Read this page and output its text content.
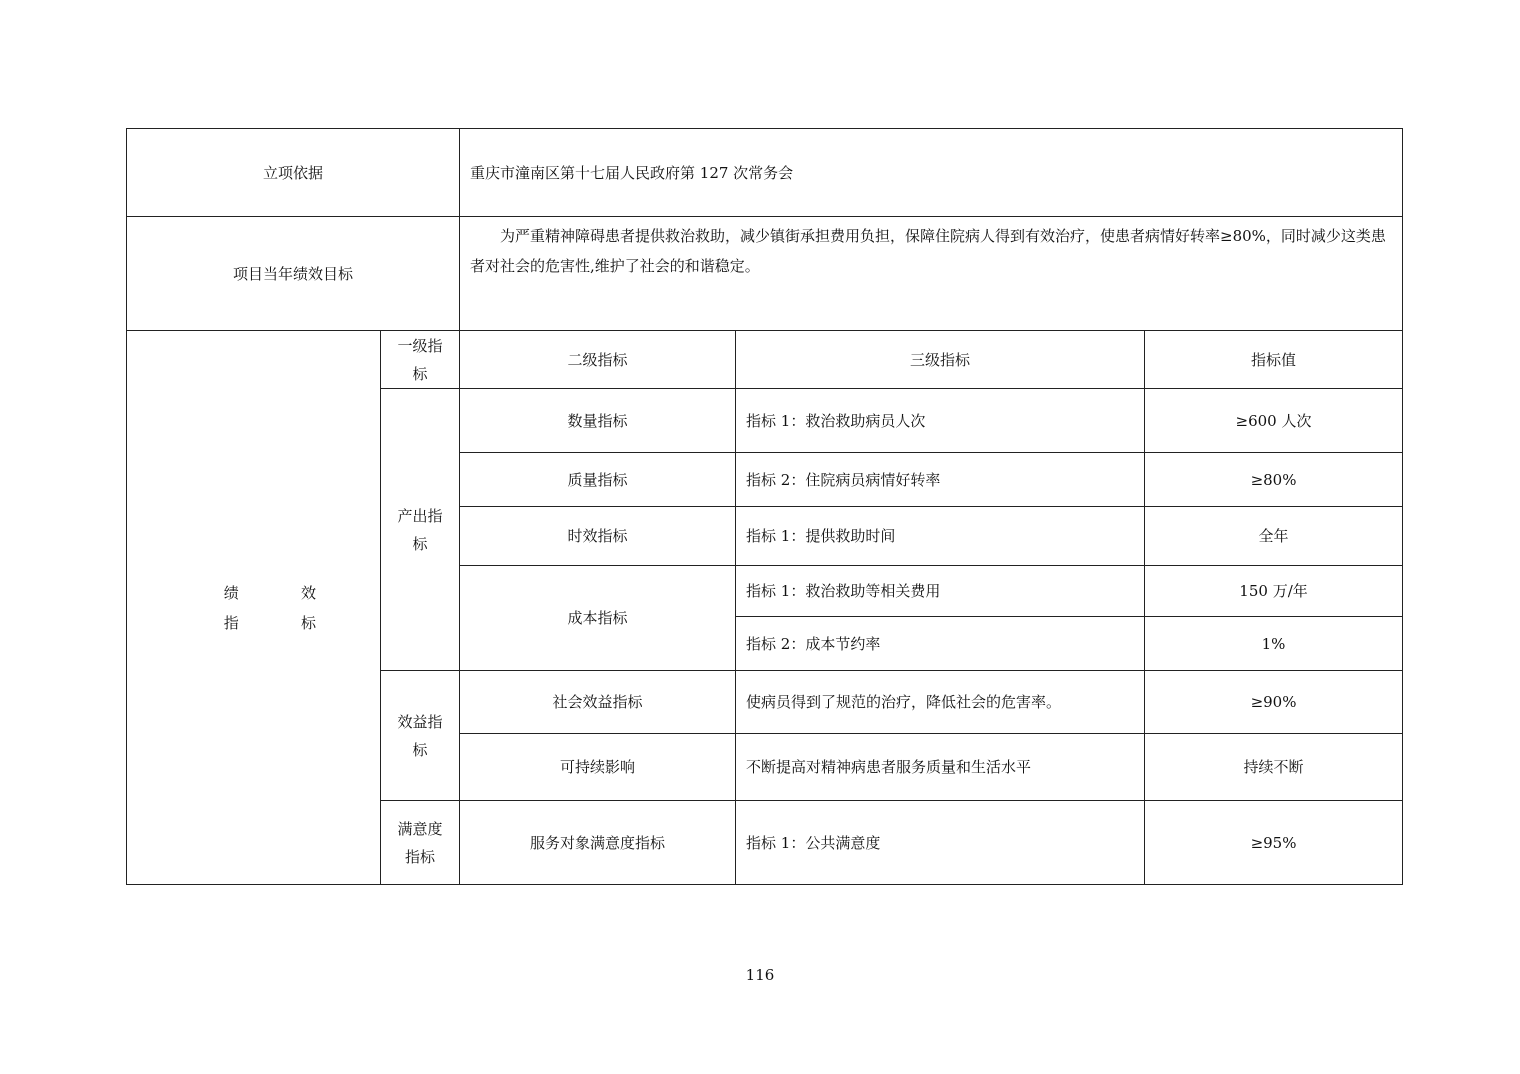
立项依据		重庆市潼南区第十七届人民政府第 127 次常务会		
项目当年绩效目标		为严重精神障碍患者提供救治救助，减少镇街承担费用负担，保障住院病人得到有效治疗，使患者病情好转率≥80%，同时减少这类患者对社会的危害性,维护了社会的和谐稳定。		

绩 效
指 标	一级指标	二级指标	三级指标	指标值
	产出指标	数量指标	指标 1：救治救助病员人次	≥600 人次
		质量指标	指标 2：住院病员病情好转率	≥80%
		时效指标	指标 1：提供救助时间	全年
		成本指标	指标 1：救治救助等相关费用	150 万/年
			指标 2：成本节约率	1%
	效益指标	社会效益指标	使病员得到了规范的治疗，降低社会的危害率。	≥90%
		可持续影响	不断提高对精神病患者服务质量和生活水平	持续不断
	满意度指标	服务对象满意度指标	指标 1：公共满意度	≥95%
116
